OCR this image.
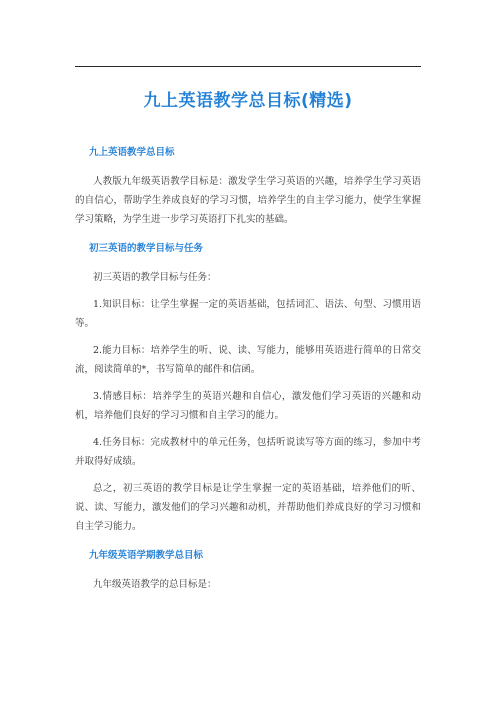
九上英语教学总目标(精选)
九上英语教学总目标

人教版九年级英语教学目标是：激发学生学习英语的兴趣，培养学生学习英语的自信心，帮助学生养成良好的学习习惯，培养学生的自主学习能力，使学生掌握学习策略，为学生进一步学习英语打下扎实的基础。

初三英语的教学目标与任务

初三英语的教学目标与任务：

1.知识目标：让学生掌握一定的英语基础，包括词汇、语法、句型、习惯用语等。

2.能力目标：培养学生的听、说、读、写能力，能够用英语进行简单的日常交流，阅读简单的*，书写简单的邮件和信函。

3.情感目标：培养学生的英语兴趣和自信心，激发他们学习英语的兴趣和动机，培养他们良好的学习习惯和自主学习的能力。

4.任务目标：完成教材中的单元任务，包括听说读写等方面的练习，参加中考并取得好成绩。

总之，初三英语的教学目标是让学生掌握一定的英语基础，培养他们的听、说、读、写能力，激发他们的学习兴趣和动机，并帮助他们养成良好的学习习惯和自主学习能力。

九年级英语学期教学总目标

九年级英语教学的总目标是：
